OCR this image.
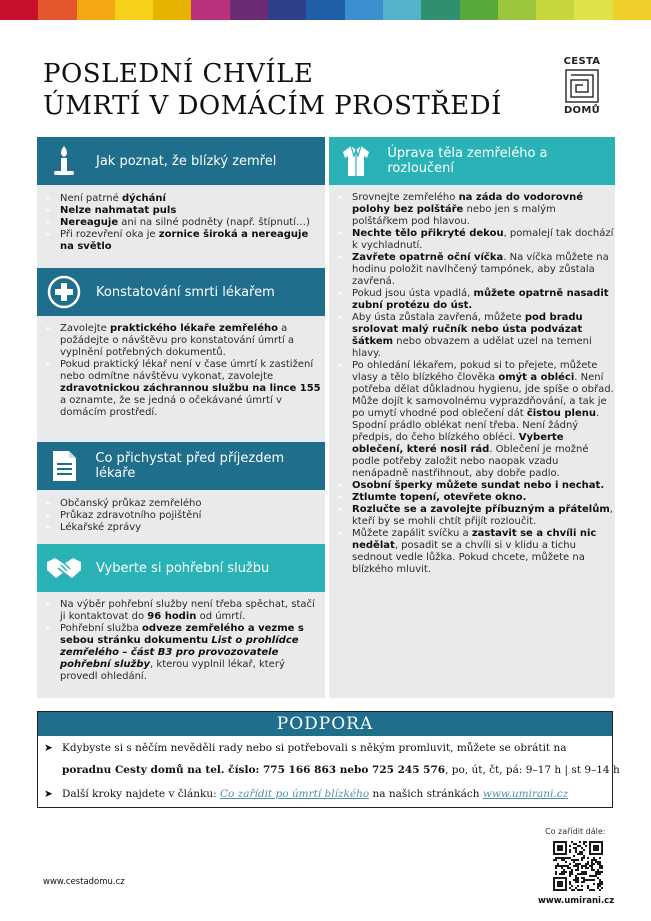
POSLEDNÍ CHVÍLE
ÚMRTÍ V DOMÁCÍM PROSTŘEDÍ
CESTA
DOMŮ
Jak poznat, že blízký zemřel
➢ Není patrné dýchání
➢ Nelze nahmatat puls
➢ Nereaguje ani na silné podněty (např. štípnutí…)
➢ Při rozevření oka je zornice široká a nereaguje na světlo
Konstatování smrti lékařem
➢ Zavolejte praktického lékaře zemřelého a požádejte o návštěvu pro konstatování úmrtí a vyplnění potřebných dokumentů.
➢ Pokud praktický lékař není v čase úmrtí k zastižení nebo odmítne návštěvu vykonat, zavolejte zdravotnickou záchrannou službu na lince 155 a oznamte, že se jedná o očekávané úmrtí v domácím prostředí.
Co přichystat před příjezdem lékaře
➢ Občanský průkaz zemřelého
➢ Průkaz zdravotního pojištění
➢ Lékařské zprávy
Vyberte si pohřební službu
➢ Na výběr pohřební služby není třeba spěchat, stačí ji kontaktovat do 96 hodin od úmrtí.
➢ Pohřební služba odveze zemřelého a vezme s sebou stránku dokumentu List o prohlídce zemřelého – část B3 pro provozovatele pohřební služby, kterou vyplnil lékař, který provedl ohledání.
Úprava těla zemřelého a rozloučení
➢ Srovnejte zemřelého na záda do vodorovné polohy bez polštáře nebo jen s malým polštářkem pod hlavou.
➢ Nechte tělo přikryté dekou, pomalejí tak dochází k vychladnutí.
➢ Zavřete opatrně oční víčka. Na víčka můžete na hodinu položit navlhčený tampónek, aby zůstala zavřená.
➢ Pokud jsou ústa vpadlá, můžete opatrně nasadit zubní protézu do úst.
➢ Aby ústa zůstala zavřená, můžete pod bradu srolovat malý ručník nebo ústa podvázat šátkem nebo obvazem a udělat uzel na temeni hlavy.
➢ Po ohledání lékařem, pokud si to přejete, můžete vlasy a tělo blízkého člověka omýt a obléci. Není potřeba dělat důkladnou hygienu, jde spíše o obřad. Může dojít k samovolnému vyprazdňování, a tak je po umytí vhodné pod oblečení dát čistou plenu. Spodní prádlo oblékat není třeba. Není žádný předpis, do čeho blízkého obléci. Vyberte oblečení, které nosil rád. Oblečení je možné podle potřeby založit nebo naopak vzadu nenápadně nastřihnout, aby dobře padlo.
➢ Osobní šperky můžete sundat nebo i nechat.
➢ Ztlumte topení, otevřete okno.
➢ Rozlučte se a zavolejte příbuzným a přátelům, kteří by se mohli chtít přijít rozloučit.
➢ Můžete zapálit svíčku a zastavit se a chvíli nic nedělat, posadit se a chvíli si v klidu a tichu sednout vedle lůžka. Pokud chcete, můžete na blízkého mluvit.
PODPORA
➤ Kdybyste si s něčím nevěděli rady nebo si potřebovali s někým promluvit, můžete se obrátit na
poradnu Cesty domů na tel. číslo: 775 166 863 nebo 725 245 576, po, út, čt, pá: 9–17 h | st 9–14 h
➤ Další kroky najdete v článku: Co zařídit po úmrtí blízkého na našich stránkách www.umirani.cz
www.cestadomu.cz
Co zařídit dále:
www.umirani.cz
